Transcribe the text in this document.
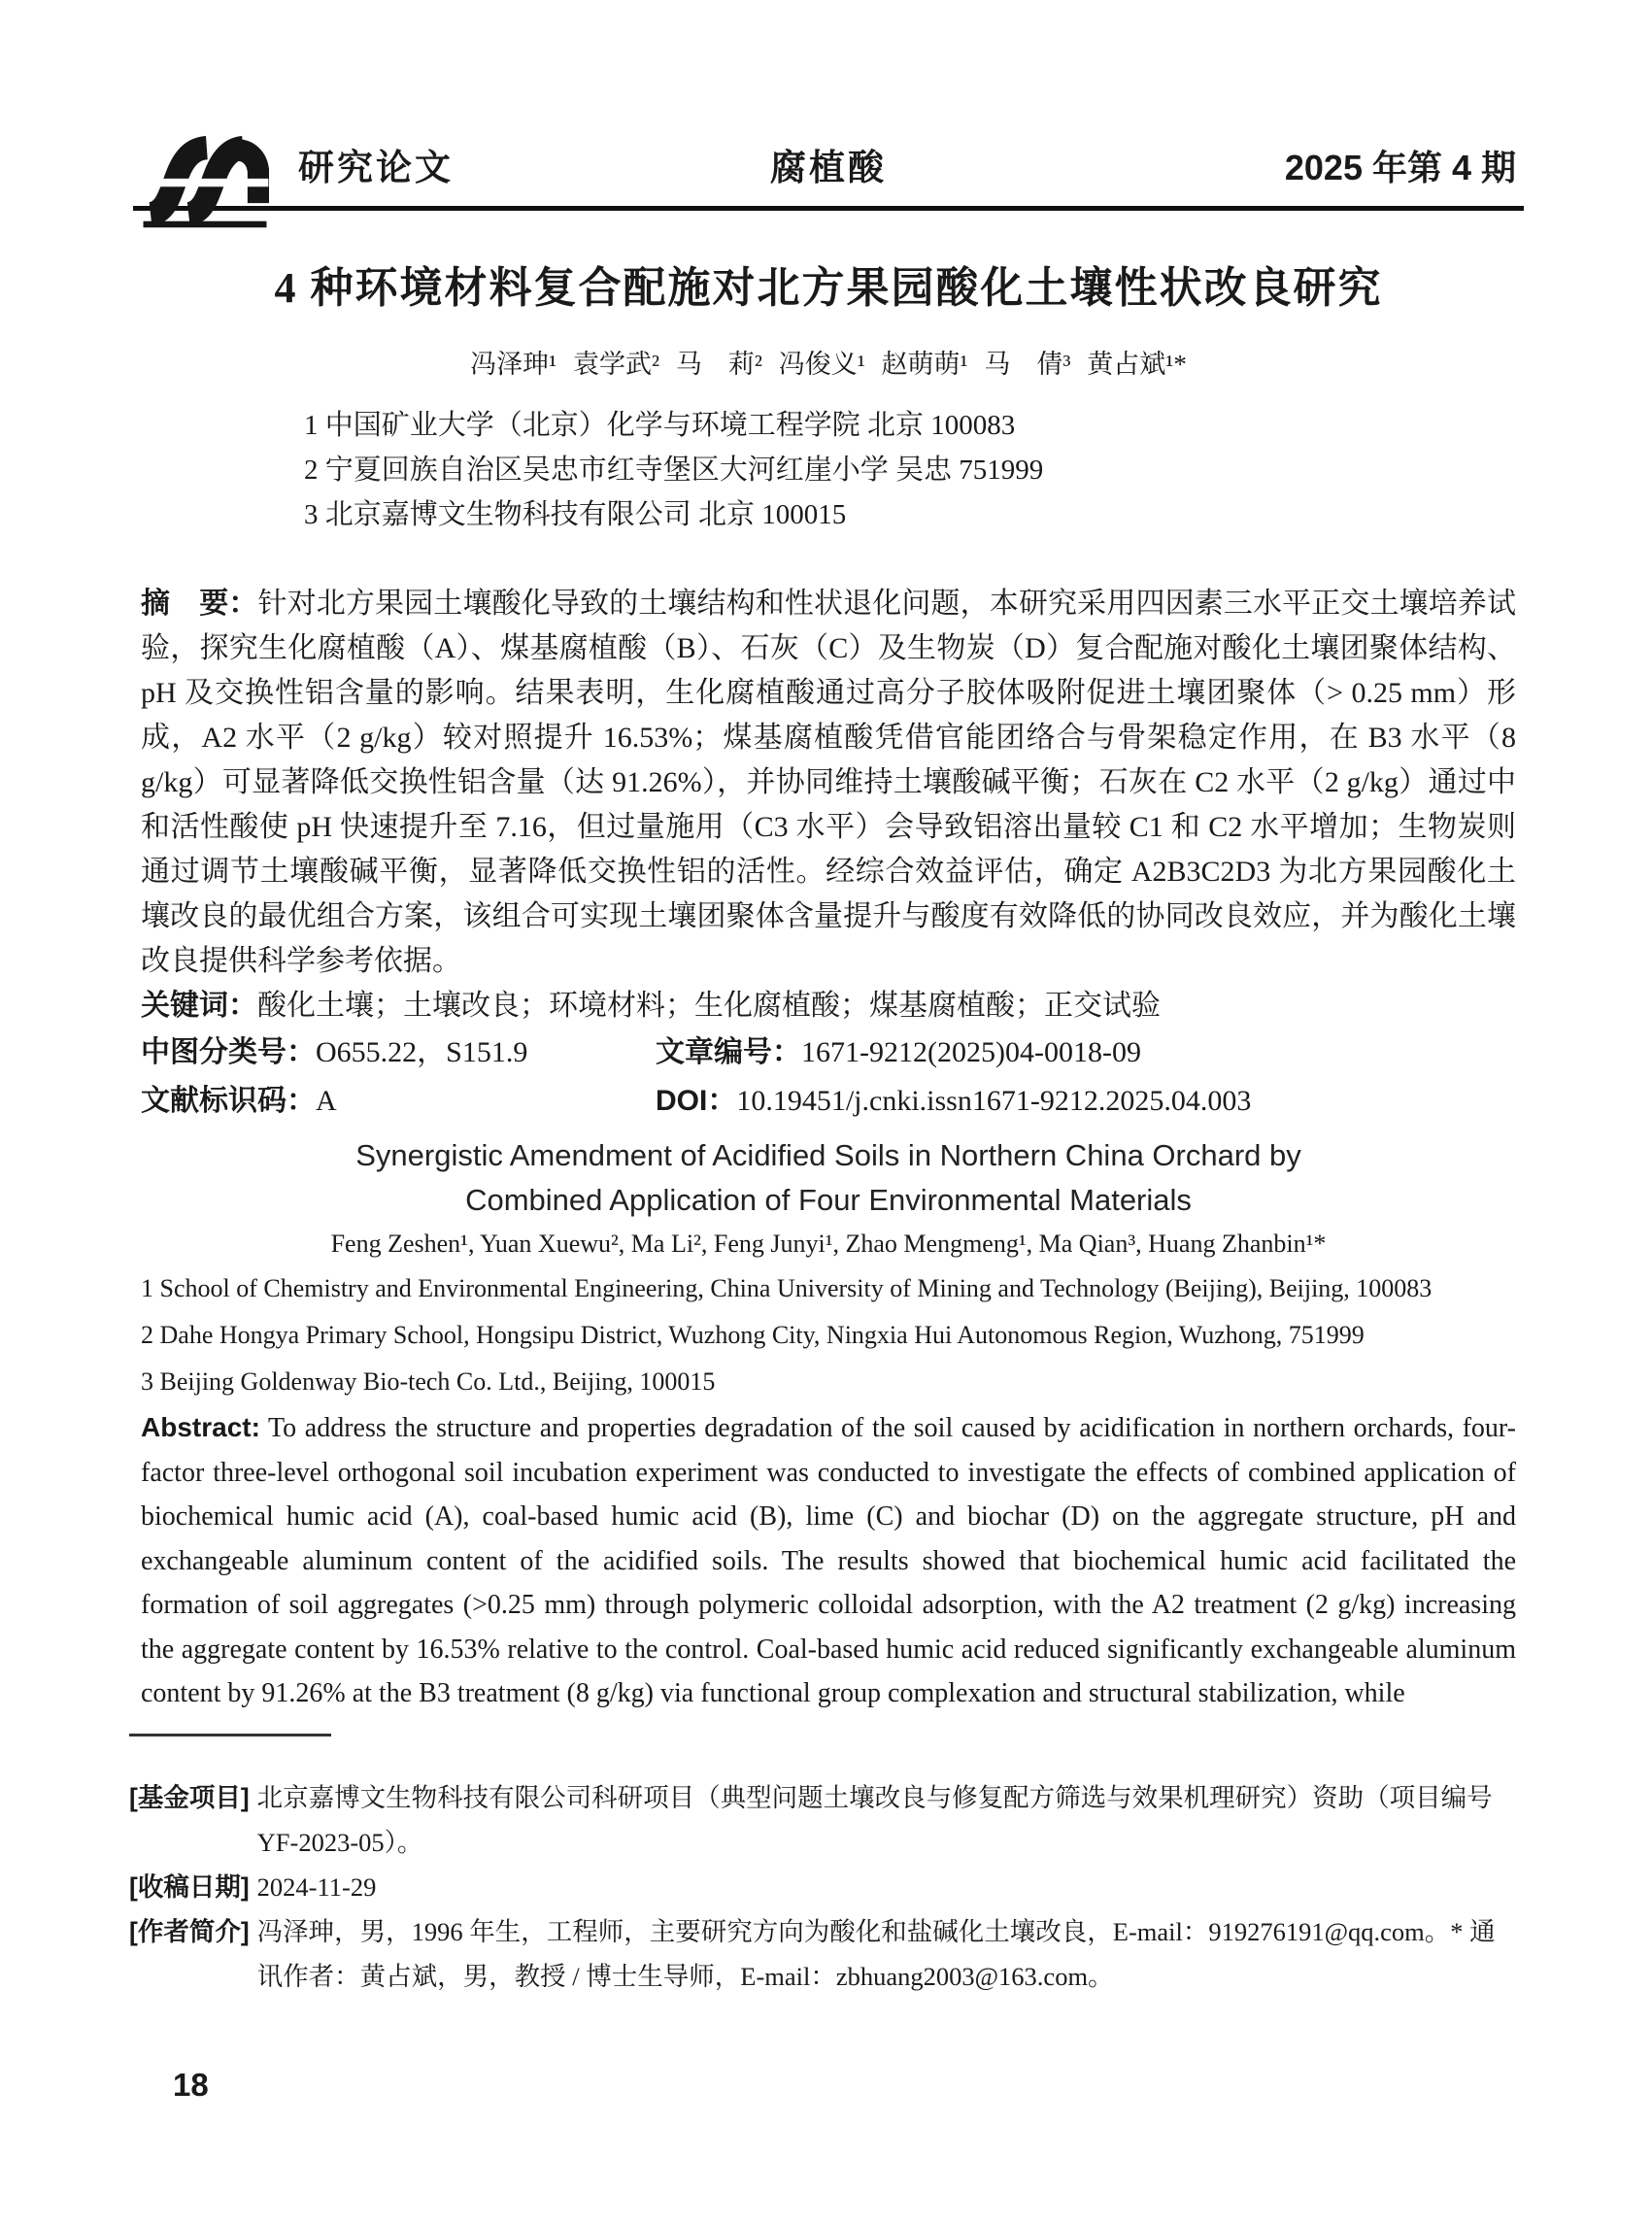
研究论文	腐植酸	2025 年第 4 期
4 种环境材料复合配施对北方果园酸化土壤性状改良研究
冯泽珅¹ 袁学武² 马　莉² 冯俊义¹ 赵萌萌¹ 马　倩³ 黄占斌¹*
1 中国矿业大学（北京）化学与环境工程学院 北京 100083
2 宁夏回族自治区吴忠市红寺堡区大河红崖小学 吴忠 751999
3 北京嘉博文生物科技有限公司 北京 100015

摘　要：针对北方果园土壤酸化导致的土壤结构和性状退化问题，本研究采用四因素三水平正交土壤培养试验，探究生化腐植酸（A）、煤基腐植酸（B）、石灰（C）及生物炭（D）复合配施对酸化土壤团聚体结构、pH 及交换性铝含量的影响。结果表明，生化腐植酸通过高分子胶体吸附促进土壤团聚体（> 0.25 mm）形成，A2 水平（2 g/kg）较对照提升 16.53%；煤基腐植酸凭借官能团络合与骨架稳定作用，在 B3 水平（8 g/kg）可显著降低交换性铝含量（达 91.26%），并协同维持土壤酸碱平衡；石灰在 C2 水平（2 g/kg）通过中和活性酸使 pH 快速提升至 7.16，但过量施用（C3 水平）会导致铝溶出量较 C1 和 C2 水平增加；生物炭则通过调节土壤酸碱平衡，显著降低交换性铝的活性。经综合效益评估，确定 A2B3C2D3 为北方果园酸化土壤改良的最优组合方案，该组合可实现土壤团聚体含量提升与酸度有效降低的协同改良效应，并为酸化土壤改良提供科学参考依据。

关键词：酸化土壤；土壤改良；环境材料；生化腐植酸；煤基腐植酸；正交试验

中图分类号：O655.22，S151.9	文章编号：1671-9212(2025)04-0018-09
文献标识码：A	DOI：10.19451/j.cnki.issn1671-9212.2025.04.003
Synergistic Amendment of Acidified Soils in Northern China Orchard by
Combined Application of Four Environmental Materials
Feng Zeshen¹, Yuan Xuewu², Ma Li², Feng Junyi¹, Zhao Mengmeng¹, Ma Qian³, Huang Zhanbin¹*
1 School of Chemistry and Environmental Engineering, China University of Mining and Technology (Beijing), Beijing, 100083
2 Dahe Hongya Primary School, Hongsipu District, Wuzhong City, Ningxia Hui Autonomous Region, Wuzhong, 751999
3 Beijing Goldenway Bio-tech Co. Ltd., Beijing, 100015

Abstract: To address the structure and properties degradation of the soil caused by acidification in northern orchards, four-factor three-level orthogonal soil incubation experiment was conducted to investigate the effects of combined application of biochemical humic acid (A), coal-based humic acid (B), lime (C) and biochar (D) on the aggregate structure, pH and exchangeable aluminum content of the acidified soils. The results showed that biochemical humic acid facilitated the formation of soil aggregates (>0.25 mm) through polymeric colloidal adsorption, with the A2 treatment (2 g/kg) increasing the aggregate content by 16.53% relative to the control. Coal-based humic acid reduced significantly exchangeable aluminum content by 91.26% at the B3 treatment (8 g/kg) via functional group complexation and structural stabilization, while

[基金项目] 北京嘉博文生物科技有限公司科研项目（典型问题土壤改良与修复配方筛选与效果机理研究）资助（项目编号 YF-2023-05）。
[收稿日期] 2024-11-29
[作者简介] 冯泽珅，男，1996 年生，工程师，主要研究方向为酸化和盐碱化土壤改良，E-mail：919276191@qq.com。* 通讯作者：黄占斌，男，教授 / 博士生导师，E-mail：zbhuang2003@163.com。
18
